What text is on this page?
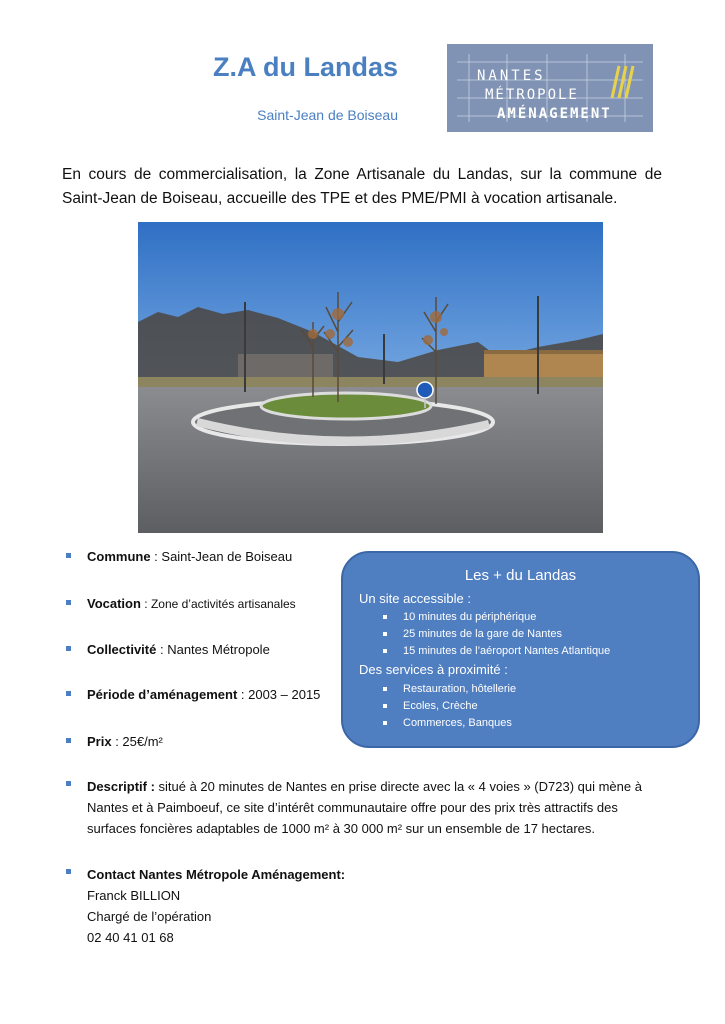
Z.A du Landas
Saint-Jean de Boiseau
NANTES
MÉTROPOLE
AMÉNAGEMENT
En cours de commercialisation, la Zone Artisanale du Landas, sur la commune de Saint-Jean de Boiseau, accueille des TPE et des PME/PMI à vocation artisanale.
Commune : Saint-Jean de Boiseau
Vocation : Zone d’activités artisanales
Collectivité : Nantes Métropole
Période d’aménagement : 2003 – 2015
Prix : 25€/m²
Les + du Landas
Un site accessible :
10 minutes du périphérique
25 minutes de la gare de Nantes
15 minutes de l’aéroport Nantes Atlantique
Des services à proximité :
Restauration, hôtellerie
Ecoles, Crèche
Commerces, Banques
Descriptif : situé à 20 minutes de Nantes en prise directe avec la « 4 voies » (D723) qui mène à Nantes et à Paimboeuf, ce site d’intérêt communautaire offre pour des prix très attractifs des surfaces foncières adaptables de 1000 m² à 30 000 m² sur un ensemble de 17 hectares.
Contact Nantes Métropole Aménagement:
Franck BILLION
Chargé de l’opération
02 40 41 01 68
